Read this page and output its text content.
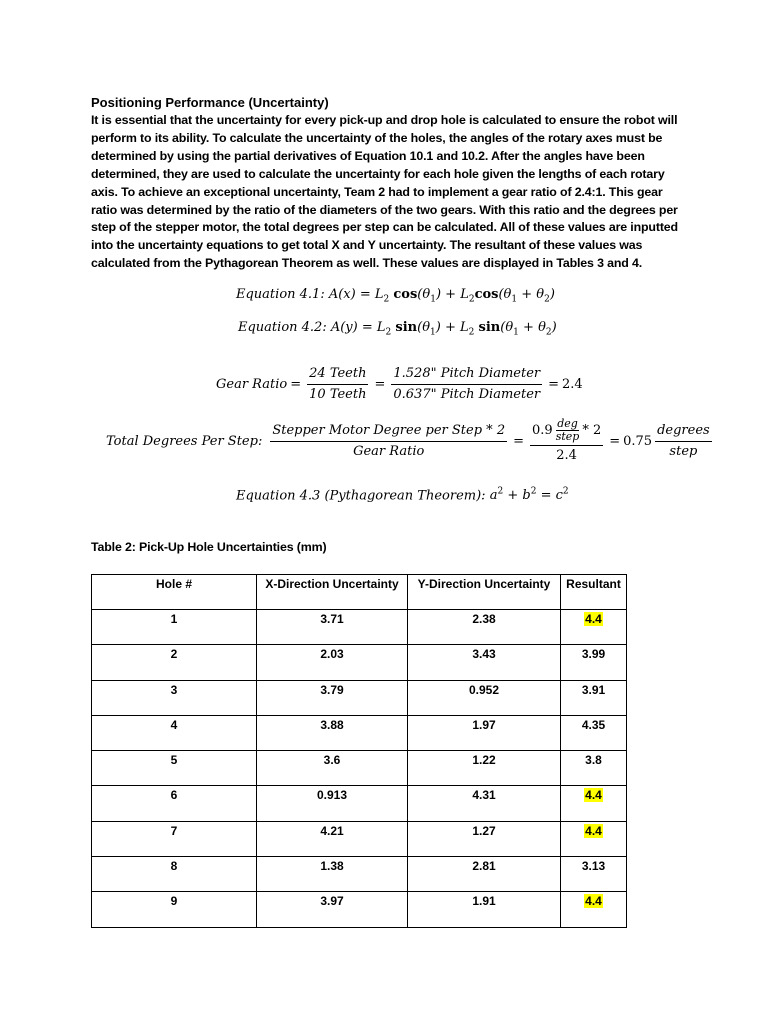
Positioning Performance (Uncertainty)
It is essential that the uncertainty for every pick-up and drop hole is calculated to ensure the robot will
perform to its ability. To calculate the uncertainty of the holes, the angles of the rotary axes must be
determined by using the partial derivatives of Equation 10.1 and 10.2. After the angles have been
determined, they are used to calculate the uncertainty for each hole given the lengths of each rotary
axis. To achieve an exceptional uncertainty, Team 2 had to implement a gear ratio of 2.4:1. This gear
ratio was determined by the ratio of the diameters of the two gears. With this ratio and the degrees per
step of the stepper motor, the total degrees per step can be calculated. All of these values are inputted
into the uncertainty equations to get total X and Y uncertainty. The resultant of these values was
calculated from the Pythagorean Theorem as well. These values are displayed in Tables 3 and 4.
Equation 4.1: $A(x) = L_2$ $\cos(\theta_1) + L_2\cos(\theta_1 + \theta_2)$
Equation 4.2: $A(y) = L_2$ $\sin(\theta_1) + L_2$ $\sin(\theta_1 + \theta_2)$
Gear Ratio = $\frac{\text{24 Teeth}}{\text{10 Teeth}} = \frac{\text{1.528" Pitch Diameter}}{\text{0.637" Pitch Diameter}} = 2.4$
Total Degrees Per Step: $\frac{\text{Stepper Motor Degree per Step * 2}}{\text{Gear Ratio}}$ =
$0.9 \frac{\text{deg}}{\text{step}} * 2$
2.4
= $0.75 \frac{\text{degrees}}{\text{step}}$
Equation 4.3 (Pythagorean Theorem): $a^2 + b^2 = c^2$
Table 2: Pick-Up Hole Uncertainties (mm)
Hole #	X-Direction Uncertainty	Y-Direction Uncertainty	Resultant
1	3.71	2.38	4.4
2	2.03	3.43	3.99
3	3.79	0.952	3.91
4	3.88	1.97	4.35
5	3.6	1.22	3.8
6	0.913	4.31	4.4
7	4.21	1.27	4.4
8	1.38	2.81	3.13
9	3.97	1.91	4.4
